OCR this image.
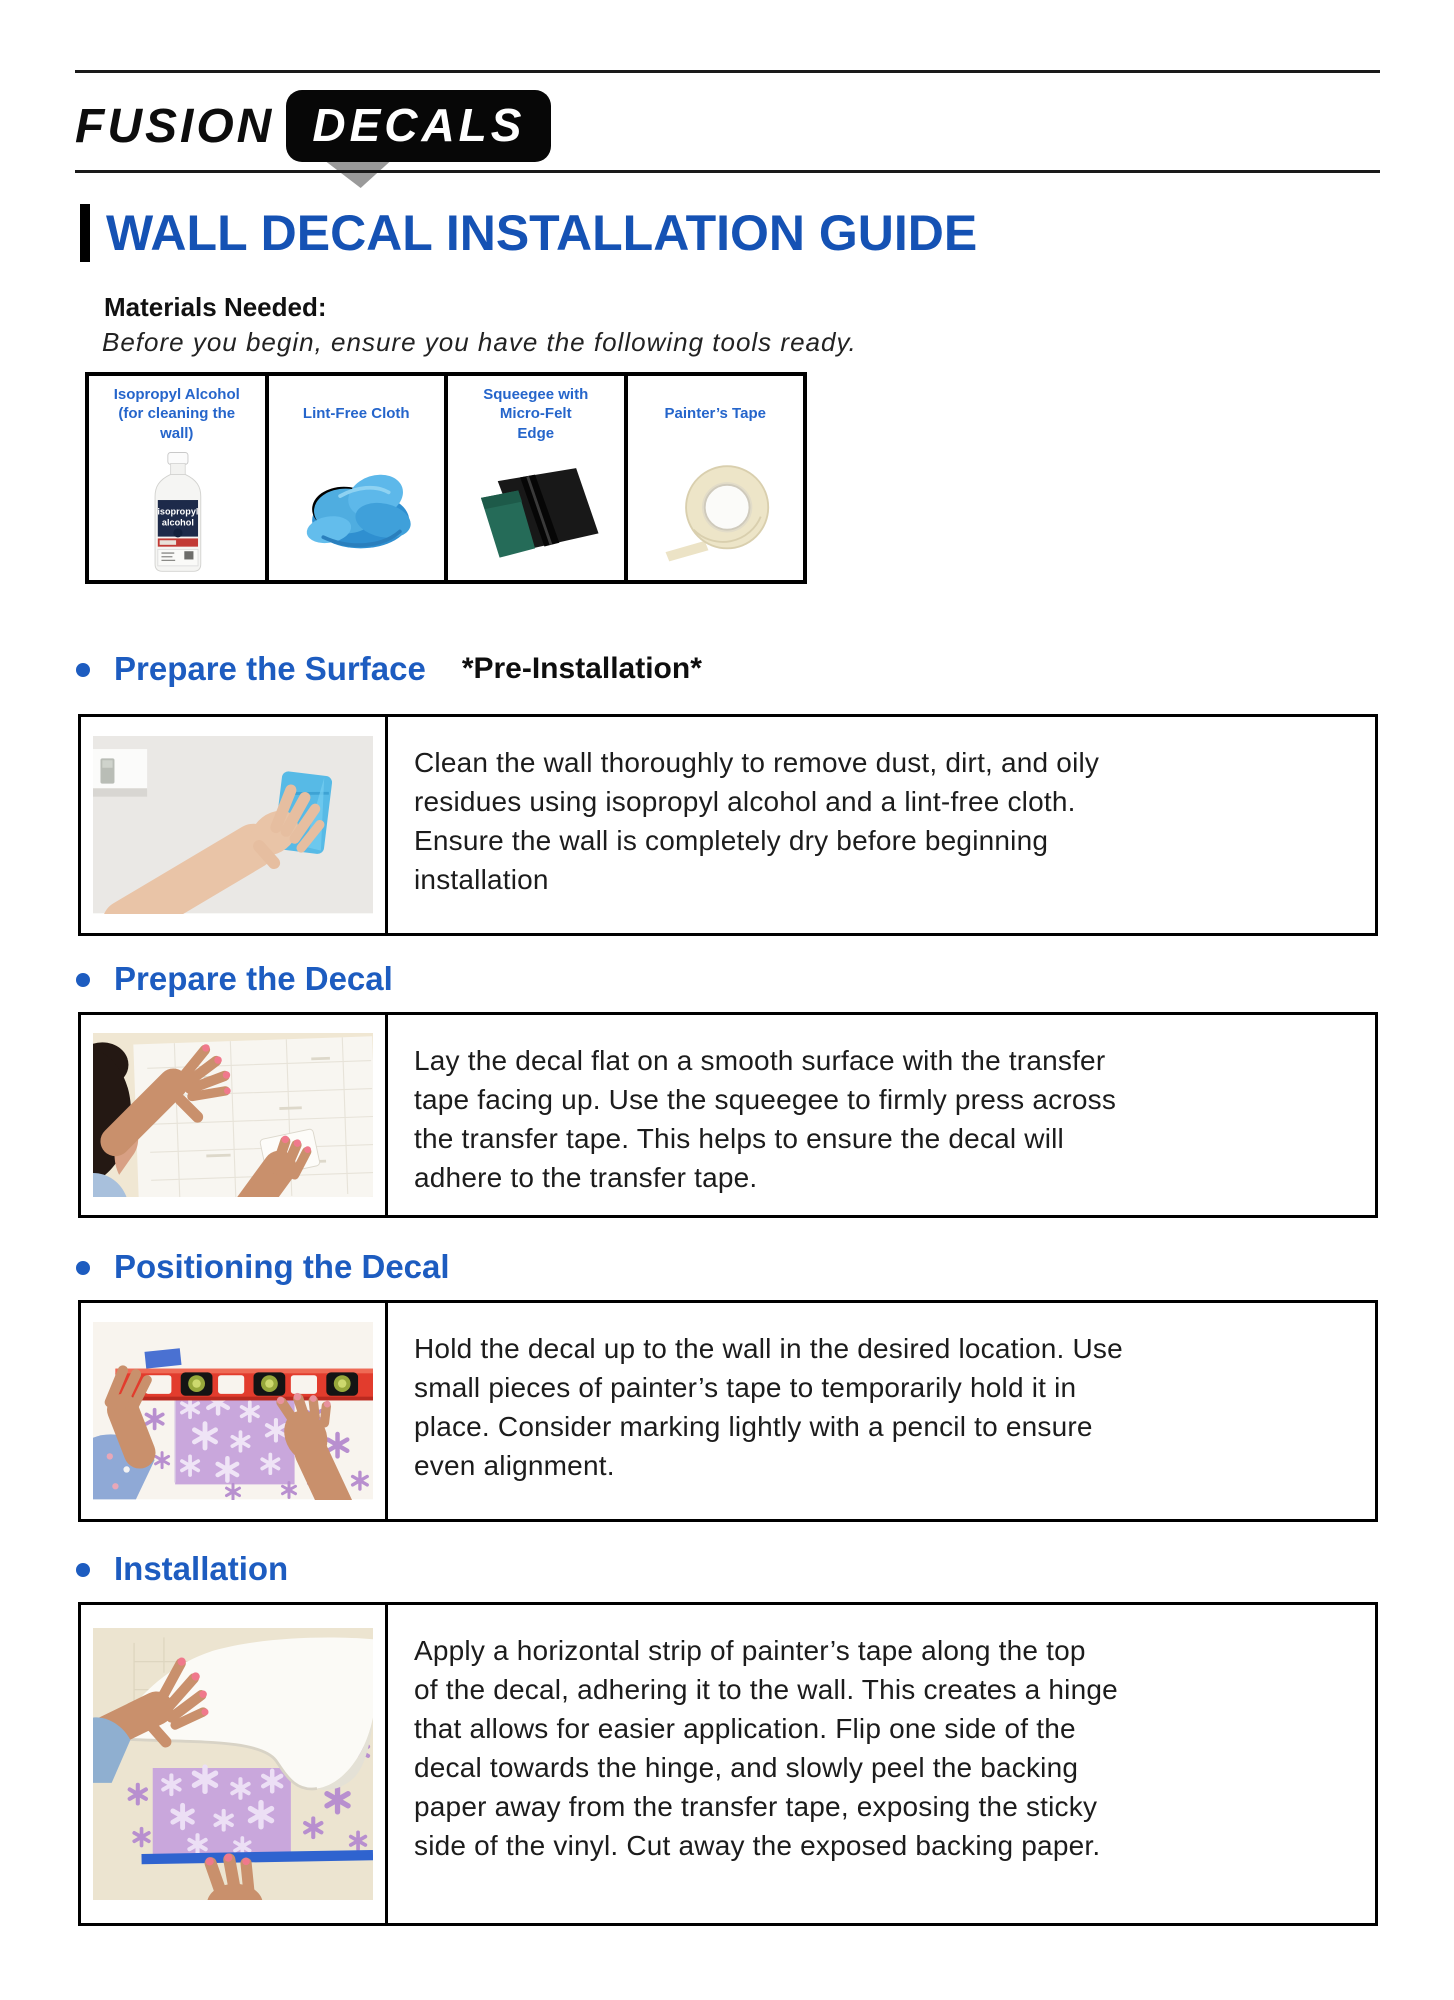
FUSION DECALS
WALL DECAL INSTALLATION GUIDE
Materials Needed:
Before you begin, ensure you have the following tools ready.
Isopropyl Alcohol
(for cleaning the
wall)
isopropyl
alcohol
Lint-Free Cloth
Squeegee with
Micro-Felt
Edge
Painter’s Tape
Prepare the Surface *Pre-Installation*
Clean the wall thoroughly to remove dust, dirt, and oily
residues using isopropyl alcohol and a lint-free cloth.
Ensure the wall is completely dry before beginning
installation
Prepare the Decal
Lay the decal flat on a smooth surface with the transfer
tape facing up. Use the squeegee to firmly press across
the transfer tape. This helps to ensure the decal will
adhere to the transfer tape.
Positioning the Decal
Hold the decal up to the wall in the desired location. Use
small pieces of painter’s tape to temporarily hold it in
place. Consider marking lightly with a pencil to ensure
even alignment.
Installation
Apply a horizontal strip of painter’s tape along the top
of the decal, adhering it to the wall. This creates a hinge
that allows for easier application. Flip one side of the
decal towards the hinge, and slowly peel the backing
paper away from the transfer tape, exposing the sticky
side of the vinyl. Cut away the exposed backing paper.
